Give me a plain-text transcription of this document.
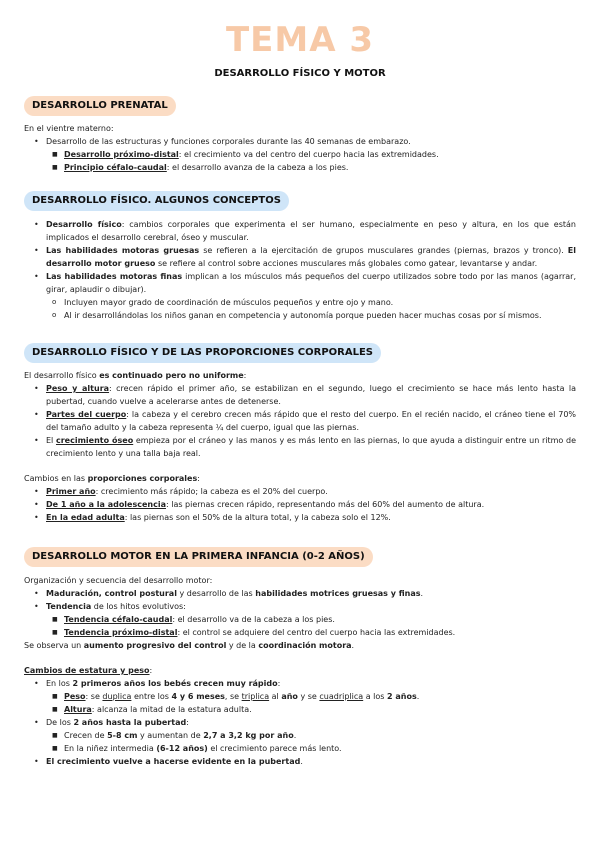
TEMA 3
DESARROLLO FÍSICO Y MOTOR
DESARROLLO PRENATAL

En el vientre materno:

• Desarrollo de las estructuras y funciones corporales durante las 40 semanas de embarazo.
■ Desarrollo próximo-distal: el crecimiento va del centro del cuerpo hacia las extremidades.
■ Principio céfalo-caudal: el desarrollo avanza de la cabeza a los pies.
DESARROLLO FÍSICO. ALGUNOS CONCEPTOS
• Desarrollo físico: cambios corporales que experimenta el ser humano, especialmente en peso y altura, en los que están implicados el desarrollo cerebral, óseo y muscular.
• Las habilidades motoras gruesas se refieren a la ejercitación de grupos musculares grandes (piernas, brazos y tronco). El desarrollo motor grueso se refiere al control sobre acciones musculares más globales como gatear, levantarse y andar.
• Las habilidades motoras finas implican a los músculos más pequeños del cuerpo utilizados sobre todo por las manos (agarrar, girar, aplaudir o dibujar).
o Incluyen mayor grado de coordinación de músculos pequeños y entre ojo y mano.
o Al ir desarrollándolas los niños ganan en competencia y autonomía porque pueden hacer muchas cosas por sí mismos.
DESARROLLO FÍSICO Y DE LAS PROPORCIONES CORPORALES

El desarrollo físico es continuado pero no uniforme:

• Peso y altura: crecen rápido el primer año, se estabilizan en el segundo, luego el crecimiento se hace más lento hasta la pubertad, cuando vuelve a acelerarse antes de detenerse.
• Partes del cuerpo: la cabeza y el cerebro crecen más rápido que el resto del cuerpo. En el recién nacido, el cráneo tiene el 70% del tamaño adulto y la cabeza representa ¼ del cuerpo, igual que las piernas.
• El crecimiento óseo empieza por el cráneo y las manos y es más lento en las piernas, lo que ayuda a distinguir entre un ritmo de crecimiento lento y una talla baja real.

Cambios en las proporciones corporales:

• Primer año: crecimiento más rápido; la cabeza es el 20% del cuerpo.
• De 1 año a la adolescencia: las piernas crecen rápido, representando más del 60% del aumento de altura.
• En la edad adulta: las piernas son el 50% de la altura total, y la cabeza solo el 12%.
DESARROLLO MOTOR EN LA PRIMERA INFANCIA (0-2 AÑOS)

Organización y secuencia del desarrollo motor:

• Maduración, control postural y desarrollo de las habilidades motrices gruesas y finas.
• Tendencia de los hitos evolutivos:
■ Tendencia céfalo-caudal: el desarrollo va de la cabeza a los pies.
■ Tendencia próximo-distal: el control se adquiere del centro del cuerpo hacia las extremidades.

Se observa un aumento progresivo del control y de la coordinación motora.

Cambios de estatura y peso:

• En los 2 primeros años los bebés crecen muy rápido:
■ Peso: se duplica entre los 4 y 6 meses, se triplica al año y se cuadriplica a los 2 años.
■ Altura: alcanza la mitad de la estatura adulta.
• De los 2 años hasta la pubertad:
■ Crecen de 5-8 cm y aumentan de 2,7 a 3,2 kg por año.
■ En la niñez intermedia (6-12 años) el crecimiento parece más lento.
• El crecimiento vuelve a hacerse evidente en la pubertad.
